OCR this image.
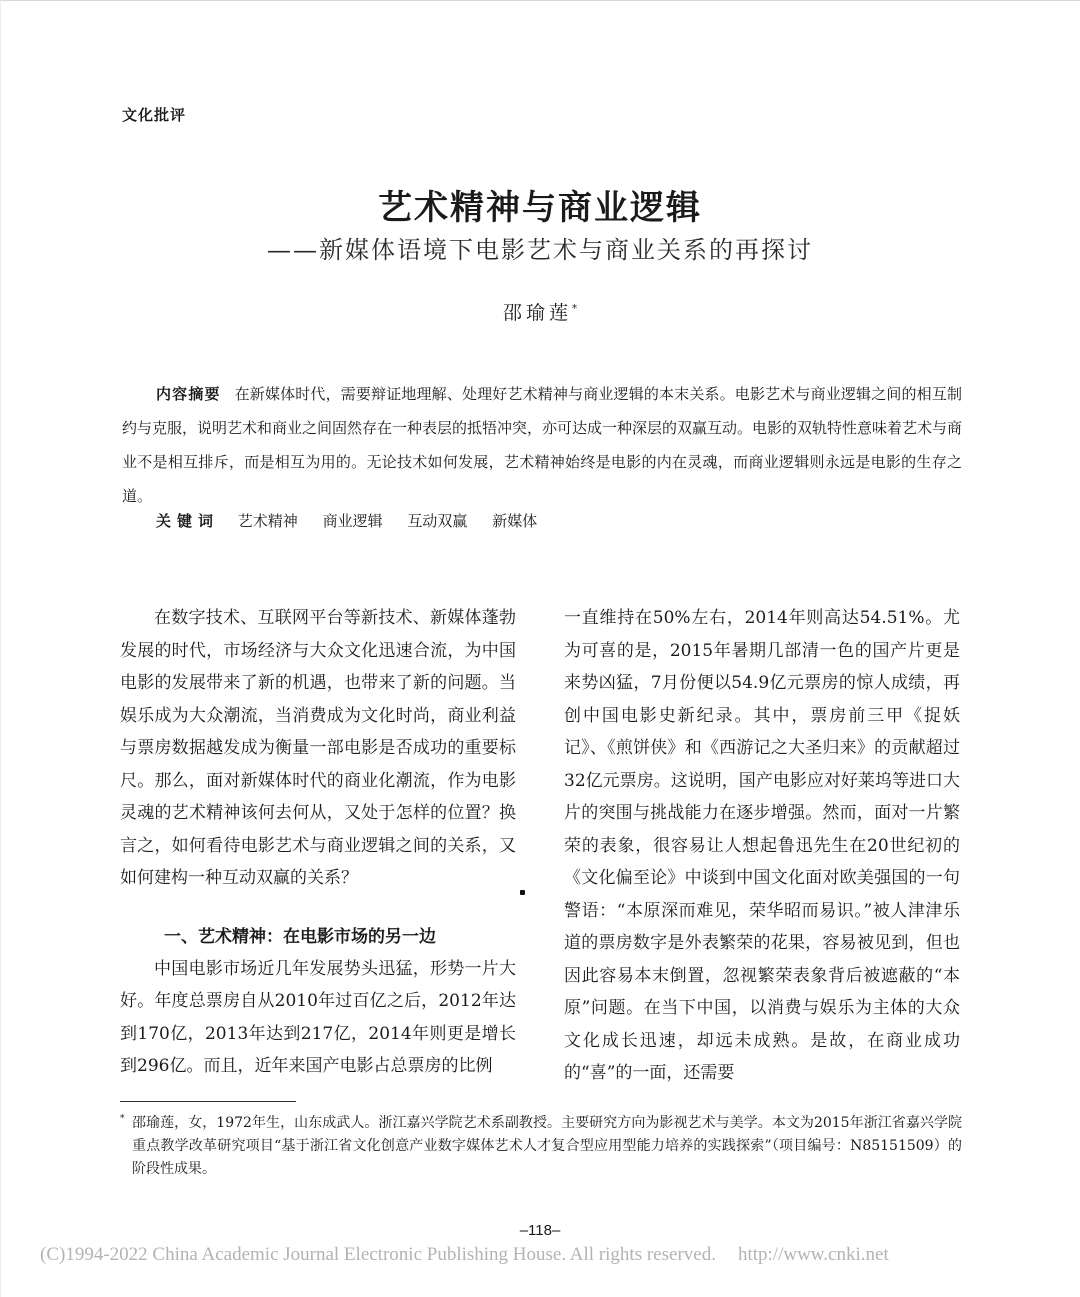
文化批评
艺术精神与商业逻辑
——新媒体语境下电影艺术与商业关系的再探讨
邵瑜莲*
内容摘要 在新媒体时代，需要辩证地理解、处理好艺术精神与商业逻辑的本末关系。电影艺术与商业逻辑之间的相互制约与克服，说明艺术和商业之间固然存在一种表层的抵牾冲突，亦可达成一种深层的双赢互动。电影的双轨特性意味着艺术与商业不是相互排斥，而是相互为用的。无论技术如何发展，艺术精神始终是电影的内在灵魂，而商业逻辑则永远是电影的生存之道。
关键词 艺术精神 商业逻辑 互动双赢 新媒体

在数字技术、互联网平台等新技术、新媒体蓬勃发展的时代，市场经济与大众文化迅速合流，为中国电影的发展带来了新的机遇，也带来了新的问题。当娱乐成为大众潮流，当消费成为文化时尚，商业利益与票房数据越发成为衡量一部电影是否成功的重要标尺。那么，面对新媒体时代的商业化潮流，作为电影灵魂的艺术精神该何去何从，又处于怎样的位置？换言之，如何看待电影艺术与商业逻辑之间的关系，又如何建构一种互动双赢的关系？

一、艺术精神：在电影市场的另一边

中国电影市场近几年发展势头迅猛，形势一片大好。年度总票房自从2010年过百亿之后，2012年达到170亿，2013年达到217亿，2014年则更是增长到296亿。而且，近年来国产电影占总票房的比例

一直维持在50%左右，2014年则高达54.51%。尤为可喜的是，2015年暑期几部清一色的国产片更是来势凶猛，7月份便以54.9亿元票房的惊人成绩，再创中国电影史新纪录。其中，票房前三甲《捉妖记》、《煎饼侠》和《西游记之大圣归来》的贡献超过32亿元票房。这说明，国产电影应对好莱坞等进口大片的突围与挑战能力在逐步增强。然而，面对一片繁荣的表象，很容易让人想起鲁迅先生在20世纪初的《文化偏至论》中谈到中国文化面对欧美强国的一句警语：“本原深而难见，荣华昭而易识。”被人津津乐道的票房数字是外表繁荣的花果，容易被见到，但也因此容易本末倒置，忽视繁荣表象背后被遮蔽的“本原”问题。在当下中国，以消费与娱乐为主体的大众文化成长迅速，却远未成熟。是故，在商业成功的“喜”的一面，还需要

* 邵瑜莲，女，1972年生，山东成武人。浙江嘉兴学院艺术系副教授。主要研究方向为影视艺术与美学。本文为2015年浙江省嘉兴学院重点教学改革研究项目“基于浙江省文化创意产业数字媒体艺术人才复合型应用型能力培养的实践探索”（项目编号：N85151509）的阶段性成果。
–118–
(C)1994-2022 China Academic Journal Electronic Publishing House. All rights reserved. http://www.cnki.net
